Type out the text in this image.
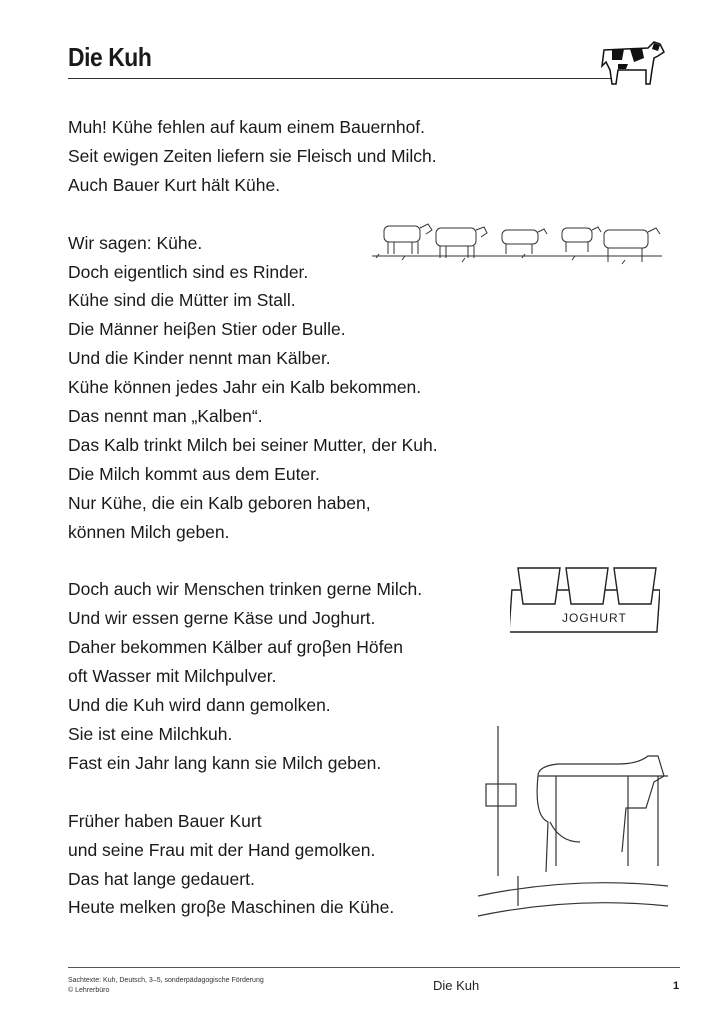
Die Kuh

Muh! Kühe fehlen auf kaum einem Bauernhof.
Seit ewigen Zeiten liefern sie Fleisch und Milch.
Auch Bauer Kurt hält Kühe.

Wir sagen: Kühe.
Doch eigentlich sind es Rinder.
Kühe sind die Mütter im Stall.
Die Männer heiβen Stier oder Bulle.
Und die Kinder nennt man Kälber.
Kühe können jedes Jahr ein Kalb bekommen.
Das nennt man „Kalben“.
Das Kalb trinkt Milch bei seiner Mutter, der Kuh.
Die Milch kommt aus dem Euter.
Nur Kühe, die ein Kalb geboren haben,
können Milch geben.

Doch auch wir Menschen trinken gerne Milch.
Und wir essen gerne Käse und Joghurt.
Daher bekommen Kälber auf groβen Höfen
oft Wasser mit Milchpulver.
Und die Kuh wird dann gemolken.
Sie ist eine Milchkuh.
Fast ein Jahr lang kann sie Milch geben.

Früher haben Bauer Kurt
und seine Frau mit der Hand gemolken.
Das hat lange gedauert.
Heute melken groβe Maschinen die Kühe.

JOGHURT
Sachtexte: Kuh, Deutsch, 3–5, sonderpädagogische Förderung
© Lehrerbüro	Die Kuh	1
